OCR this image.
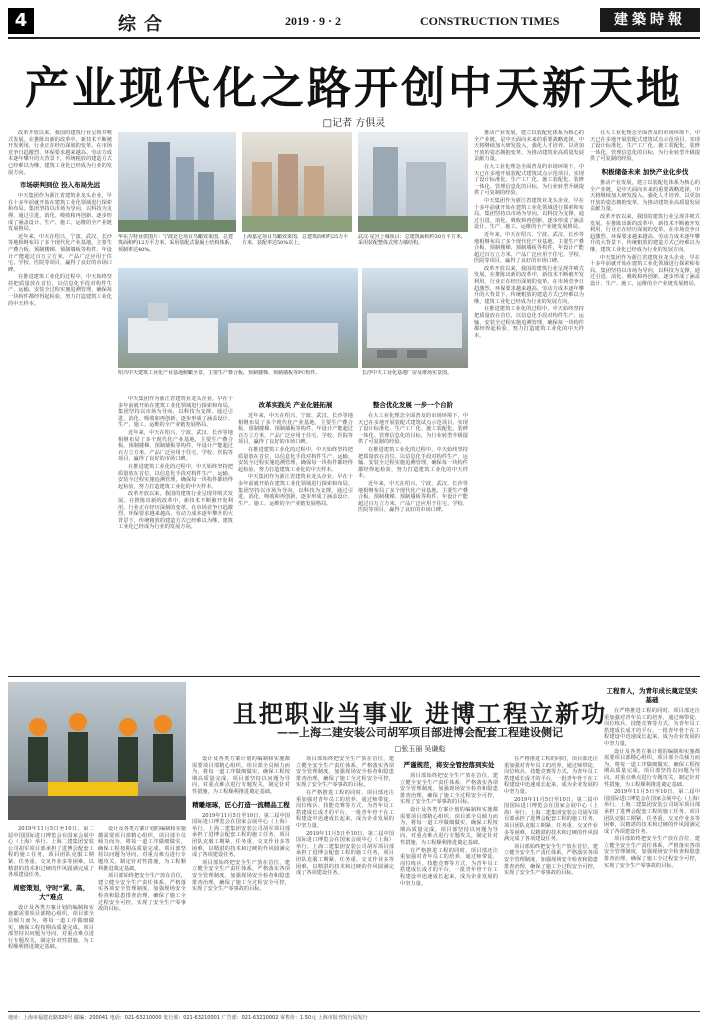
4	综合	2019 · 9 · 2	CONSTRUCTION TIMES	建築時報
产业现代化之路开创中天新天地
□记者 方俱灵

改革开放以来，我国的建筑行业呈现井喷式发展。在推陈出新的改革中，新技术不断被开发利用，行业正在经历深刻的变革。在市场竞争日趋激烈、环保要求越来越高、劳动力成本逐年攀升的大背景下，传统粗放的建造方式已经难以为继，建筑工业化已经成为行业的发展方向。

市场研判到位 投入布局先远

中天集团作为浙江省建筑业龙头企业，早在十多年前就开始在建筑工业化领域进行探索和布局。集团坚持以市场为导向，以科技为支撑，通过引进、消化、吸收和再创新，逐步形成了涵盖设计、生产、施工、运维的全产业链发展格局。

近年来，中天在绍兴、宁波、武汉、长沙等地相继布局了多个现代化产业基地，主要生产叠合板、预制楼梯、预制墙板等构件，年设计产能超过百万立方米，产品广泛应用于住宅、学校、医院等项目，赢得了良好的市场口碑。

在推进建筑工业化的过程中，中天始终坚持把质量放在首位，以信息化手段对构件生产、运输、安装全过程实施追溯管理，确保每一块构件都经得起检验，努力打造建筑工业化的中天样本。

华东力特业供图片：宁波北仑项目鸟瞰效果图，总建筑面积约12万平方米，采用装配式混凝土结构体系，预制率达40%。
上海嘉定项目鸟瞰效果图，总建筑面积约25万平方米，装配率达50%以上。
武汉·星宫上城项目：总建筑面积约30万平方米，采用装配整体式剪力墙结构。
绍兴中天建筑工业化产业基地俯瞰全景，主要生产叠合板、预制楼梯、预制墙板等PC构件。	长沙中天工业化基地厂房及堆场实景图。

中天集团作为浙江省建筑业龙头企业，早在十多年前就开始在建筑工业化领域进行探索和布局。集团坚持以市场为导向，以科技为支撑，通过引进、消化、吸收和再创新，逐步形成了涵盖设计、生产、施工、运维的全产业链发展格局。

近年来，中天在绍兴、宁波、武汉、长沙等地相继布局了多个现代化产业基地，主要生产叠合板、预制楼梯、预制墙板等构件，年设计产能超过百万立方米，产品广泛应用于住宅、学校、医院等项目，赢得了良好的市场口碑。

在推进建筑工业化的过程中，中天始终坚持把质量放在首位，以信息化手段对构件生产、运输、安装全过程实施追溯管理，确保每一块构件都经得起检验，努力打造建筑工业化的中天样本。

改革开放以来，我国的建筑行业呈现井喷式发展。在推陈出新的改革中，新技术不断被开发利用，行业正在经历深刻的变革。在市场竞争日趋激烈、环保要求越来越高、劳动力成本逐年攀升的大背景下，传统粗放的建造方式已经难以为继，建筑工业化已经成为行业的发展方向。

改革实践关 产业化链拓展

近年来，中天在绍兴、宁波、武汉、长沙等地相继布局了多个现代化产业基地，主要生产叠合板、预制楼梯、预制墙板等构件，年设计产能超过百万立方米，产品广泛应用于住宅、学校、医院等项目，赢得了良好的市场口碑。

在推进建筑工业化的过程中，中天始终坚持把质量放在首位，以信息化手段对构件生产、运输、安装全过程实施追溯管理，确保每一块构件都经得起检验，努力打造建筑工业化的中天样本。

中天集团作为浙江省建筑业龙头企业，早在十多年前就开始在建筑工业化领域进行探索和布局。集团坚持以市场为导向，以科技为支撑，通过引进、消化、吸收和再创新，逐步形成了涵盖设计、生产、施工、运维的全产业链发展格局。

整合优化发展 一步一个台阶

在大工业化理念全面普及的市场环境下，中天已在多地开展装配式建筑试点示范项目，实现了设计标准化、生产工厂化、施工装配化、装修一体化、管理信息化的目标，为行业转型升级提供了可复制的经验。

在推进建筑工业化的过程中，中天始终坚持把质量放在首位，以信息化手段对构件生产、运输、安装全过程实施追溯管理，确保每一块构件都经得起检验，努力打造建筑工业化的中天样本。

近年来，中天在绍兴、宁波、武汉、长沙等地相继布局了多个现代化产业基地，主要生产叠合板、预制楼梯、预制墙板等构件，年设计产能超过百万立方米，产品广泛应用于住宅、学校、医院等项目，赢得了良好的市场口碑。

推动产业发展，建立以装配化体系为核心的全产业链，是中天面向未来的重要战略选择。中天将继续加大研发投入，强化人才培养，以更加开放的姿态拥抱变革，为推动建筑业高质量发展贡献力量。

在大工业化理念全面普及的市场环境下，中天已在多地开展装配式建筑试点示范项目，实现了设计标准化、生产工厂化、施工装配化、装修一体化、管理信息化的目标，为行业转型升级提供了可复制的经验。

中天集团作为浙江省建筑业龙头企业，早在十多年前就开始在建筑工业化领域进行探索和布局。集团坚持以市场为导向，以科技为支撑，通过引进、消化、吸收和再创新，逐步形成了涵盖设计、生产、施工、运维的全产业链发展格局。

近年来，中天在绍兴、宁波、武汉、长沙等地相继布局了多个现代化产业基地，主要生产叠合板、预制楼梯、预制墙板等构件，年设计产能超过百万立方米，产品广泛应用于住宅、学校、医院等项目，赢得了良好的市场口碑。

改革开放以来，我国的建筑行业呈现井喷式发展。在推陈出新的改革中，新技术不断被开发利用，行业正在经历深刻的变革。在市场竞争日趋激烈、环保要求越来越高、劳动力成本逐年攀升的大背景下，传统粗放的建造方式已经难以为继，建筑工业化已经成为行业的发展方向。

在推进建筑工业化的过程中，中天始终坚持把质量放在首位，以信息化手段对构件生产、运输、安装全过程实施追溯管理，确保每一块构件都经得起检验，努力打造建筑工业化的中天样本。

在大工业化理念全面普及的市场环境下，中天已在多地开展装配式建筑试点示范项目，实现了设计标准化、生产工厂化、施工装配化、装修一体化、管理信息化的目标，为行业转型升级提供了可复制的经验。

积极储备未来 加快产业化步伐

推动产业发展，建立以装配化体系为核心的全产业链，是中天面向未来的重要战略选择。中天将继续加大研发投入，强化人才培养，以更加开放的姿态拥抱变革，为推动建筑业高质量发展贡献力量。

改革开放以来，我国的建筑行业呈现井喷式发展。在推陈出新的改革中，新技术不断被开发利用，行业正在经历深刻的变革。在市场竞争日趋激烈、环保要求越来越高、劳动力成本逐年攀升的大背景下，传统粗放的建造方式已经难以为继，建筑工业化已经成为行业的发展方向。

中天集团作为浙江省建筑业龙头企业，早在十多年前就开始在建筑工业化领域进行探索和布局。集团坚持以市场为导向，以科技为支撑，通过引进、消化、吸收和再创新，逐步形成了涵盖设计、生产、施工、运维的全产业链发展格局。

且把职业当事业 进博工程立新功
——上海二建安装公司胡军项目部进博会配套工程建设侧记
□张玉丽 吴谦彪

2019年11月5日至10日，第二届中国国际进口博览会在国家会展中心（上海）举行。上海二建集团安装公司胡军项目部承担了进博会配套工程的施工任务，项目团队克服工期紧、任务重、交叉作业多等困难，以精湛的技术和过硬的作风圆满完成了各项建设任务。

周密策划，守时“紧、高、大”难点

设计及各类方案计划的编制和实施都需要项目部精心组织，项目部全员倾力而为，将每一道工序做细做实，确保工程按期高质量完成。项目部坚持以问题为导向，对重点难点进行专题攻关，制定针对性措施，为工程顺利推进奠定基础。

设计及各类方案计划的编制和实施都需要项目部精心组织，项目部全员倾力而为，将每一道工序做细做实，确保工程按期高质量完成。项目部坚持以问题为导向，对重点难点进行专题攻关，制定针对性措施，为工程顺利推进奠定基础。

项目部始终把安全生产放在首位，建立健全安全生产责任体系，严格落实各项安全管理制度，加强现场安全检查和隐患排查治理，确保了施工全过程安全可控，实现了安全生产零事故的目标。

设计及各类方案计划的编制和实施都需要项目部精心组织，项目部全员倾力而为，将每一道工序做细做实，确保工程按期高质量完成。项目部坚持以问题为导向，对重点难点进行专题攻关，制定针对性措施，为工程顺利推进奠定基础。

精雕细琢，匠心打造一流精品工程

2019年11月5日至10日，第二届中国国际进口博览会在国家会展中心（上海）举行。上海二建集团安装公司胡军项目部承担了进博会配套工程的施工任务，项目团队克服工期紧、任务重、交叉作业多等困难，以精湛的技术和过硬的作风圆满完成了各项建设任务。

项目部始终把安全生产放在首位，建立健全安全生产责任体系，严格落实各项安全管理制度，加强现场安全检查和隐患排查治理，确保了施工全过程安全可控，实现了安全生产零事故的目标。

项目部始终把安全生产放在首位，建立健全安全生产责任体系，严格落实各项安全管理制度，加强现场安全检查和隐患排查治理，确保了施工全过程安全可控，实现了安全生产零事故的目标。

在严格推进工程的同时，项目部还注重加强对青年员工的培养，通过师带徒、岗位练兵、技能竞赛等方式，为青年员工搭建成长成才的平台，一批青年骨干在工程建设中迅速成长起来，成为企业发展的中坚力量。

2019年11月5日至10日，第二届中国国际进口博览会在国家会展中心（上海）举行。上海二建集团安装公司胡军项目部承担了进博会配套工程的施工任务，项目团队克服工期紧、任务重、交叉作业多等困难，以精湛的技术和过硬的作风圆满完成了各项建设任务。

严谨规范，将安全管控落到实处

项目部始终把安全生产放在首位，建立健全安全生产责任体系，严格落实各项安全管理制度，加强现场安全检查和隐患排查治理，确保了施工全过程安全可控，实现了安全生产零事故的目标。

设计及各类方案计划的编制和实施都需要项目部精心组织，项目部全员倾力而为，将每一道工序做细做实，确保工程按期高质量完成。项目部坚持以问题为导向，对重点难点进行专题攻关，制定针对性措施，为工程顺利推进奠定基础。

在严格推进工程的同时，项目部还注重加强对青年员工的培养，通过师带徒、岗位练兵、技能竞赛等方式，为青年员工搭建成长成才的平台，一批青年骨干在工程建设中迅速成长起来，成为企业发展的中坚力量。

在严格推进工程的同时，项目部还注重加强对青年员工的培养，通过师带徒、岗位练兵、技能竞赛等方式，为青年员工搭建成长成才的平台，一批青年骨干在工程建设中迅速成长起来，成为企业发展的中坚力量。

2019年11月5日至10日，第二届中国国际进口博览会在国家会展中心（上海）举行。上海二建集团安装公司胡军项目部承担了进博会配套工程的施工任务，项目团队克服工期紧、任务重、交叉作业多等困难，以精湛的技术和过硬的作风圆满完成了各项建设任务。

项目部始终把安全生产放在首位，建立健全安全生产责任体系，严格落实各项安全管理制度，加强现场安全检查和隐患排查治理，确保了施工全过程安全可控，实现了安全生产零事故的目标。

工程育人，为青年成长奠定坚实基础

在严格推进工程的同时，项目部还注重加强对青年员工的培养，通过师带徒、岗位练兵、技能竞赛等方式，为青年员工搭建成长成才的平台，一批青年骨干在工程建设中迅速成长起来，成为企业发展的中坚力量。

设计及各类方案计划的编制和实施都需要项目部精心组织，项目部全员倾力而为，将每一道工序做细做实，确保工程按期高质量完成。项目部坚持以问题为导向，对重点难点进行专题攻关，制定针对性措施，为工程顺利推进奠定基础。

2019年11月5日至10日，第二届中国国际进口博览会在国家会展中心（上海）举行。上海二建集团安装公司胡军项目部承担了进博会配套工程的施工任务，项目团队克服工期紧、任务重、交叉作业多等困难，以精湛的技术和过硬的作风圆满完成了各项建设任务。

项目部始终把安全生产放在首位，建立健全安全生产责任体系，严格落实各项安全管理制度，加强现场安全检查和隐患排查治理，确保了施工全过程安全可控，实现了安全生产零事故的目标。

地址：上海市福建北路320号 邮编：200041 电话：021-63210000 发行部：021-63210001 广告部：021-63210002 零售价：1.50元 上海市报刊发行局发行
